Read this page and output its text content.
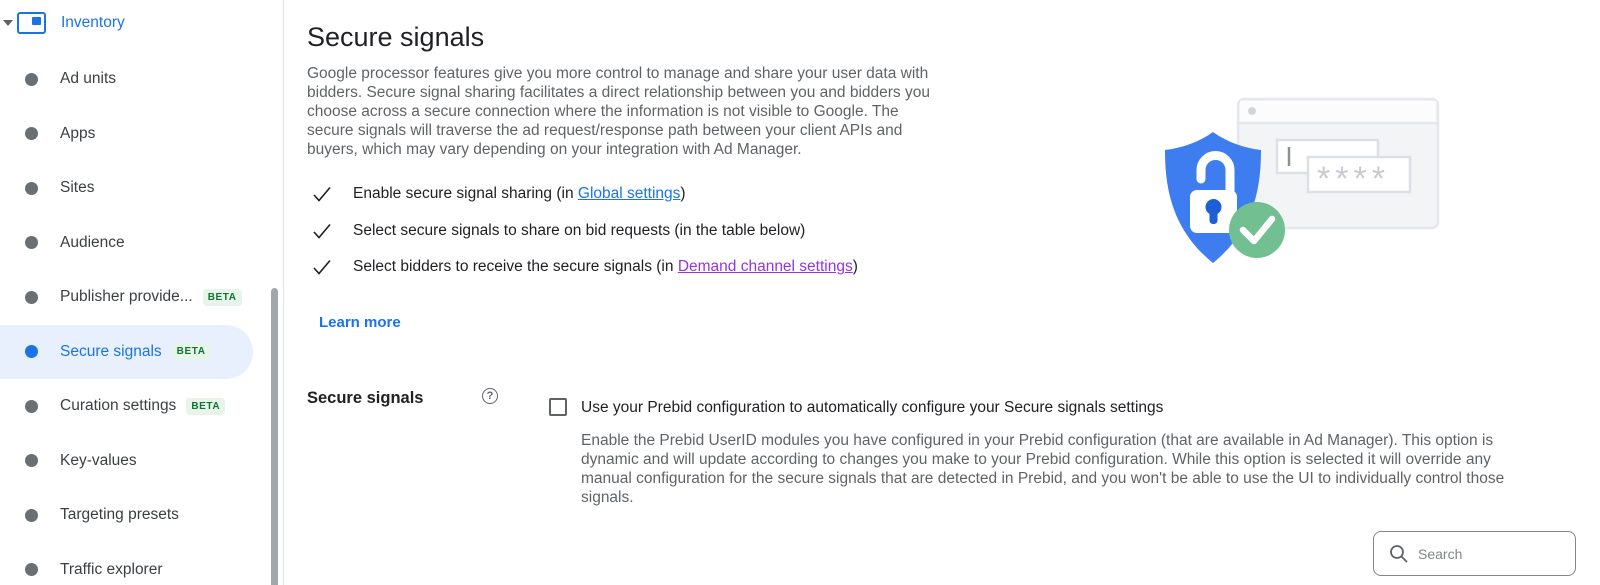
Inventory
Ad units
Apps
Sites
Audience
Publisher provide...	BETA
Secure signals	BETA
Curation settings	BETA
Key-values
Targeting presets
Traffic explorer
Secure signals

Google processor features give you more control to manage and share your user data with bidders. Secure signal sharing facilitates a direct relationship between you and bidders you choose across a secure connection where the information is not visible to Google. The secure signals will traverse the ad request/response path between your client APIs and buyers, which may vary depending on your integration with Ad Manager.

Enable secure signal sharing (in Global settings)
Select secure signals to share on bid requests (in the table below)
Select bidders to receive the secure signals (in Demand channel settings)
Learn more
Secure signals	?
Use your Prebid configuration to automatically configure your Secure signals settings

Enable the Prebid UserID modules you have configured in your Prebid configuration (that are available in Ad Manager). This option is dynamic and will update according to changes you make to your Prebid configuration. While this option is selected it will override any manual configuration for the secure signals that are detected in Prebid, and you won't be able to use the UI to individually control those signals.

Search
****
